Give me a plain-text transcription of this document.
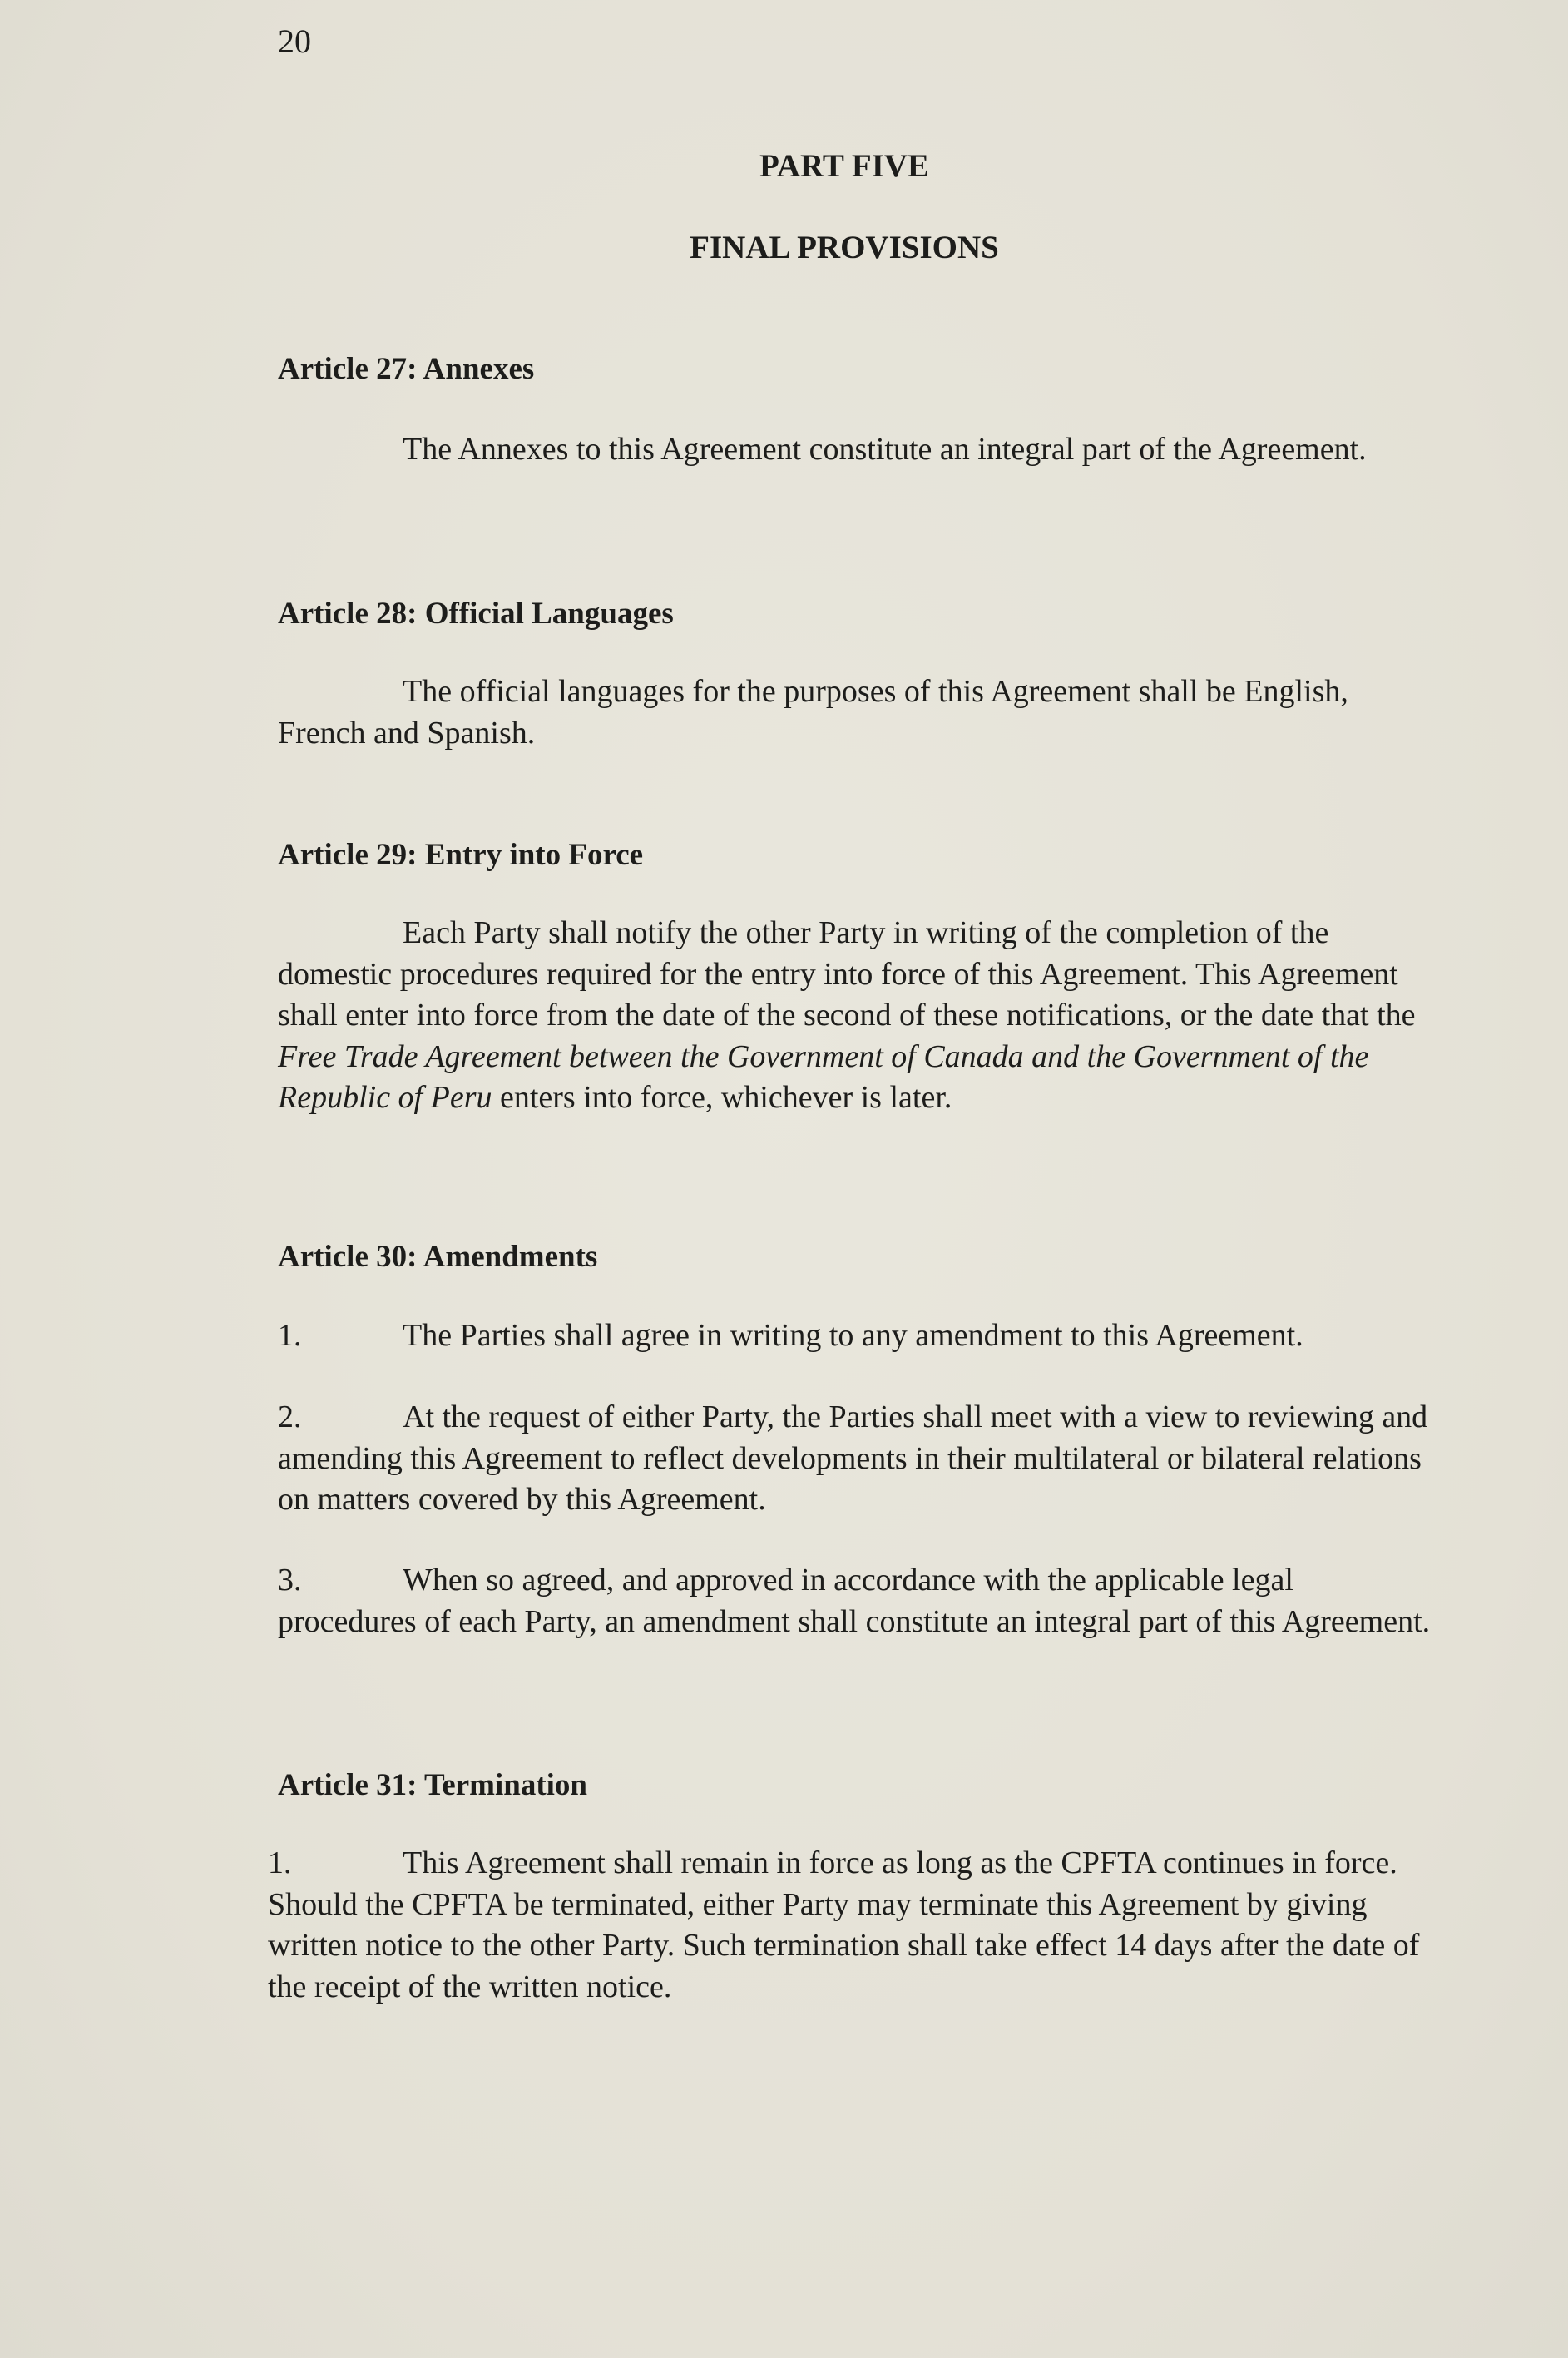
20
PART FIVE
FINAL PROVISIONS
Article 27: Annexes
The Annexes to this Agreement constitute an integral part of the Agreement.
Article 28: Official Languages
The official languages for the purposes of this Agreement shall be English, French and Spanish.
Article 29: Entry into Force
Each Party shall notify the other Party in writing of the completion of the domestic procedures required for the entry into force of this Agreement. This Agreement shall enter into force from the date of the second of these notifications, or the date that the Free Trade Agreement between the Government of Canada and the Government of the Republic of Peru enters into force, whichever is later.
Article 30: Amendments
1.	The Parties shall agree in writing to any amendment to this Agreement.
2.	At the request of either Party, the Parties shall meet with a view to reviewing and amending this Agreement to reflect developments in their multilateral or bilateral relations on matters covered by this Agreement.
3.	When so agreed, and approved in accordance with the applicable legal procedures of each Party, an amendment shall constitute an integral part of this Agreement.
Article 31: Termination
1.	This Agreement shall remain in force as long as the CPFTA continues in force. Should the CPFTA be terminated, either Party may terminate this Agreement by giving written notice to the other Party. Such termination shall take effect 14 days after the date of the receipt of the written notice.
